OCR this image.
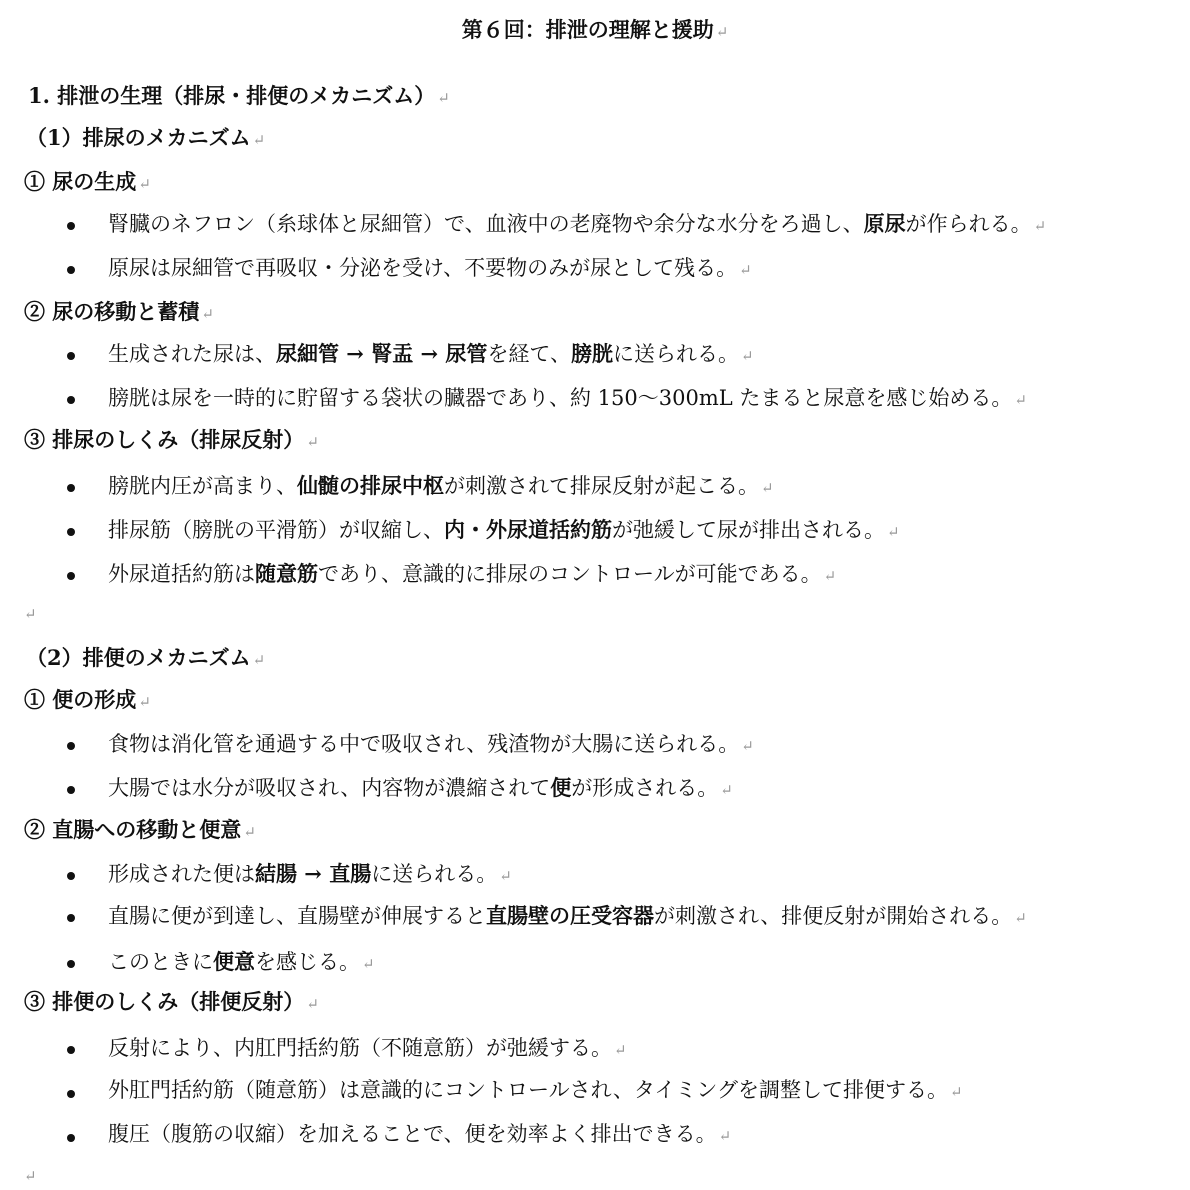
第６回：排泄の理解と援助 ↵
1. 排泄の生理（排尿・排便のメカニズム） ↵
（1）排尿のメカニズム ↵
① 尿の生成 ↵
腎臓のネフロン（糸球体と尿細管）で、血液中の老廃物や余分な水分をろ過し、原尿が作られる。 ↵
原尿は尿細管で再吸収・分泌を受け、不要物のみが尿として残る。 ↵
② 尿の移動と蓄積 ↵
生成された尿は、尿細管 → 腎盂 → 尿管を経て、膀胱に送られる。 ↵
膀胱は尿を一時的に貯留する袋状の臓器であり、約 150〜300mL たまると尿意を感じ始める。 ↵
③ 排尿のしくみ（排尿反射） ↵
膀胱内圧が高まり、仙髄の排尿中枢が刺激されて排尿反射が起こる。 ↵
排尿筋（膀胱の平滑筋）が収縮し、内・外尿道括約筋が弛緩して尿が排出される。 ↵
外尿道括約筋は随意筋であり、意識的に排尿のコントロールが可能である。 ↵
↵
（2）排便のメカニズム ↵
① 便の形成 ↵
食物は消化管を通過する中で吸収され、残渣物が大腸に送られる。 ↵
大腸では水分が吸収され、内容物が濃縮されて便が形成される。 ↵
② 直腸への移動と便意 ↵
形成された便は結腸 → 直腸に送られる。 ↵
直腸に便が到達し、直腸壁が伸展すると直腸壁の圧受容器が刺激され、排便反射が開始される。 ↵
このときに便意を感じる。 ↵
③ 排便のしくみ（排便反射） ↵
反射により、内肛門括約筋（不随意筋）が弛緩する。 ↵
外肛門括約筋（随意筋）は意識的にコントロールされ、タイミングを調整して排便する。 ↵
腹圧（腹筋の収縮）を加えることで、便を効率よく排出できる。 ↵
↵
